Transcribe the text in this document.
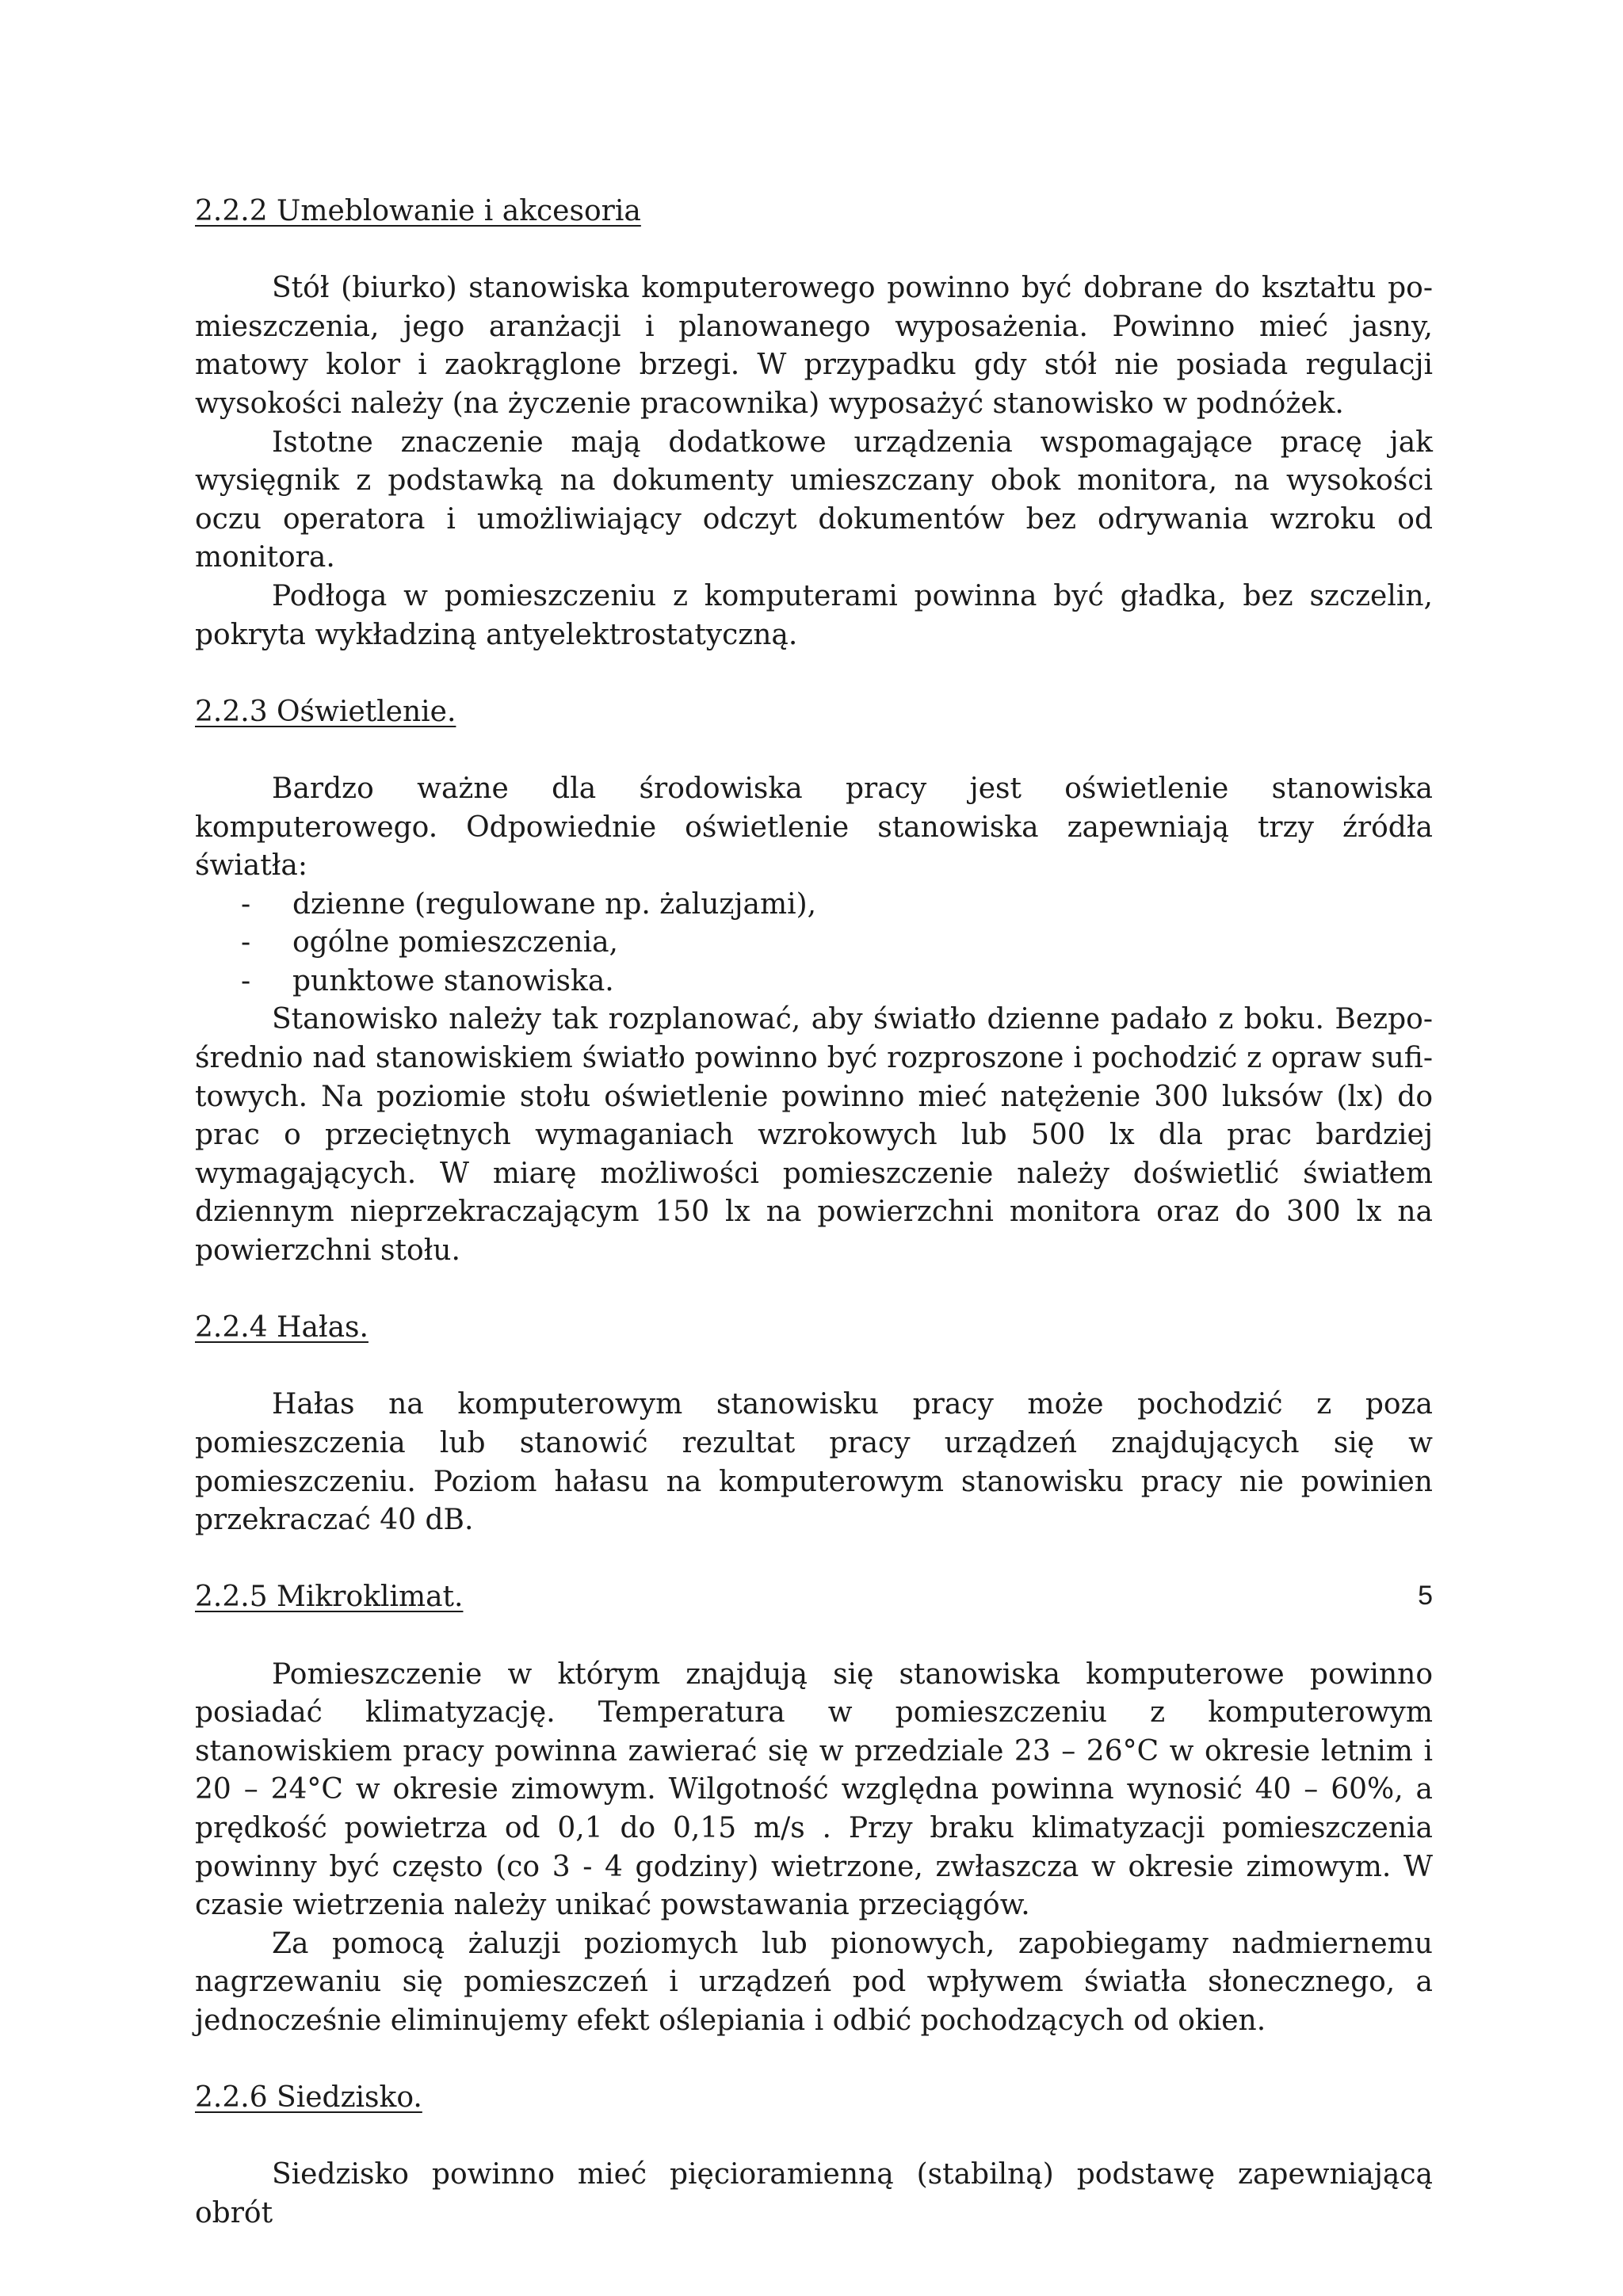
2.2.2 Umeblowanie i akcesoria

Stół (biurko) stanowiska komputerowego powinno być dobrane do kształtu pomieszczenia, jego aranżacji i planowanego wyposażenia. Powinno mieć jasny, matowy kolor i zaokrąglone brzegi. W przypadku gdy stół nie posiada regulacji wysokości należy (na życzenie pracownika) wyposażyć stanowisko w podnóżek.

Istotne znaczenie mają dodatkowe urządzenia wspomagające pracę jak wysięgnik z podstawką na dokumenty umieszczany obok monitora, na wysokości oczu operatora i umożliwiający odczyt dokumentów bez odrywania wzroku od monitora.

Podłoga w pomieszczeniu z komputerami powinna być gładka, bez szczelin, pokryta wykładziną antyelektrostatyczną.

2.2.3 Oświetlenie.

Bardzo ważne dla środowiska pracy jest oświetlenie stanowiska komputerowego. Odpowiednie oświetlenie stanowiska zapewniają trzy źródła światła:

- dzienne (regulowane np. żaluzjami),
- ogólne pomieszczenia,
- punktowe stanowiska.

Stanowisko należy tak rozplanować, aby światło dzienne padało z boku. Bezpośrednio nad stanowiskiem światło powinno być rozproszone i pochodzić z opraw sufitowych. Na poziomie stołu oświetlenie powinno mieć natężenie 300 luksów (lx) do prac o przeciętnych wymaganiach wzrokowych lub 500 lx dla prac bardziej wymagających. W miarę możliwości pomieszczenie należy doświetlić światłem dziennym nieprzekraczającym 150 lx na powierzchni monitora oraz do 300 lx na powierzchni stołu.

2.2.4 Hałas.

Hałas na komputerowym stanowisku pracy może pochodzić z poza pomieszczenia lub stanowić rezultat pracy urządzeń znajdujących się w pomieszczeniu. Poziom hałasu na komputerowym stanowisku pracy nie powinien przekraczać 40 dB.

2.2.5 Mikroklimat.

Pomieszczenie w którym znajdują się stanowiska komputerowe powinno posiadać klimatyzację. Temperatura w pomieszczeniu z komputerowym stanowiskiem pracy powinna zawierać się w przedziale 23 – 26°C w okresie letnim i 20 – 24°C w okresie zimowym. Wilgotność względna powinna wynosić 40 – 60%, a prędkość powietrza od 0,1 do 0,15 m/s . Przy braku klimatyzacji pomieszczenia powinny być często (co 3 - 4 godziny) wietrzone, zwłaszcza w okresie zimowym. W czasie wietrzenia należy unikać powstawania przeciągów.

Za pomocą żaluzji poziomych lub pionowych, zapobiegamy nadmiernemu nagrzewaniu się pomieszczeń i urządzeń pod wpływem światła słonecznego, a jednocześnie eliminujemy efekt oślepiania i odbić pochodzących od okien.

2.2.6 Siedzisko.

Siedzisko powinno mieć pięcioramienną (stabilną) podstawę zapewniającą obrót

5
